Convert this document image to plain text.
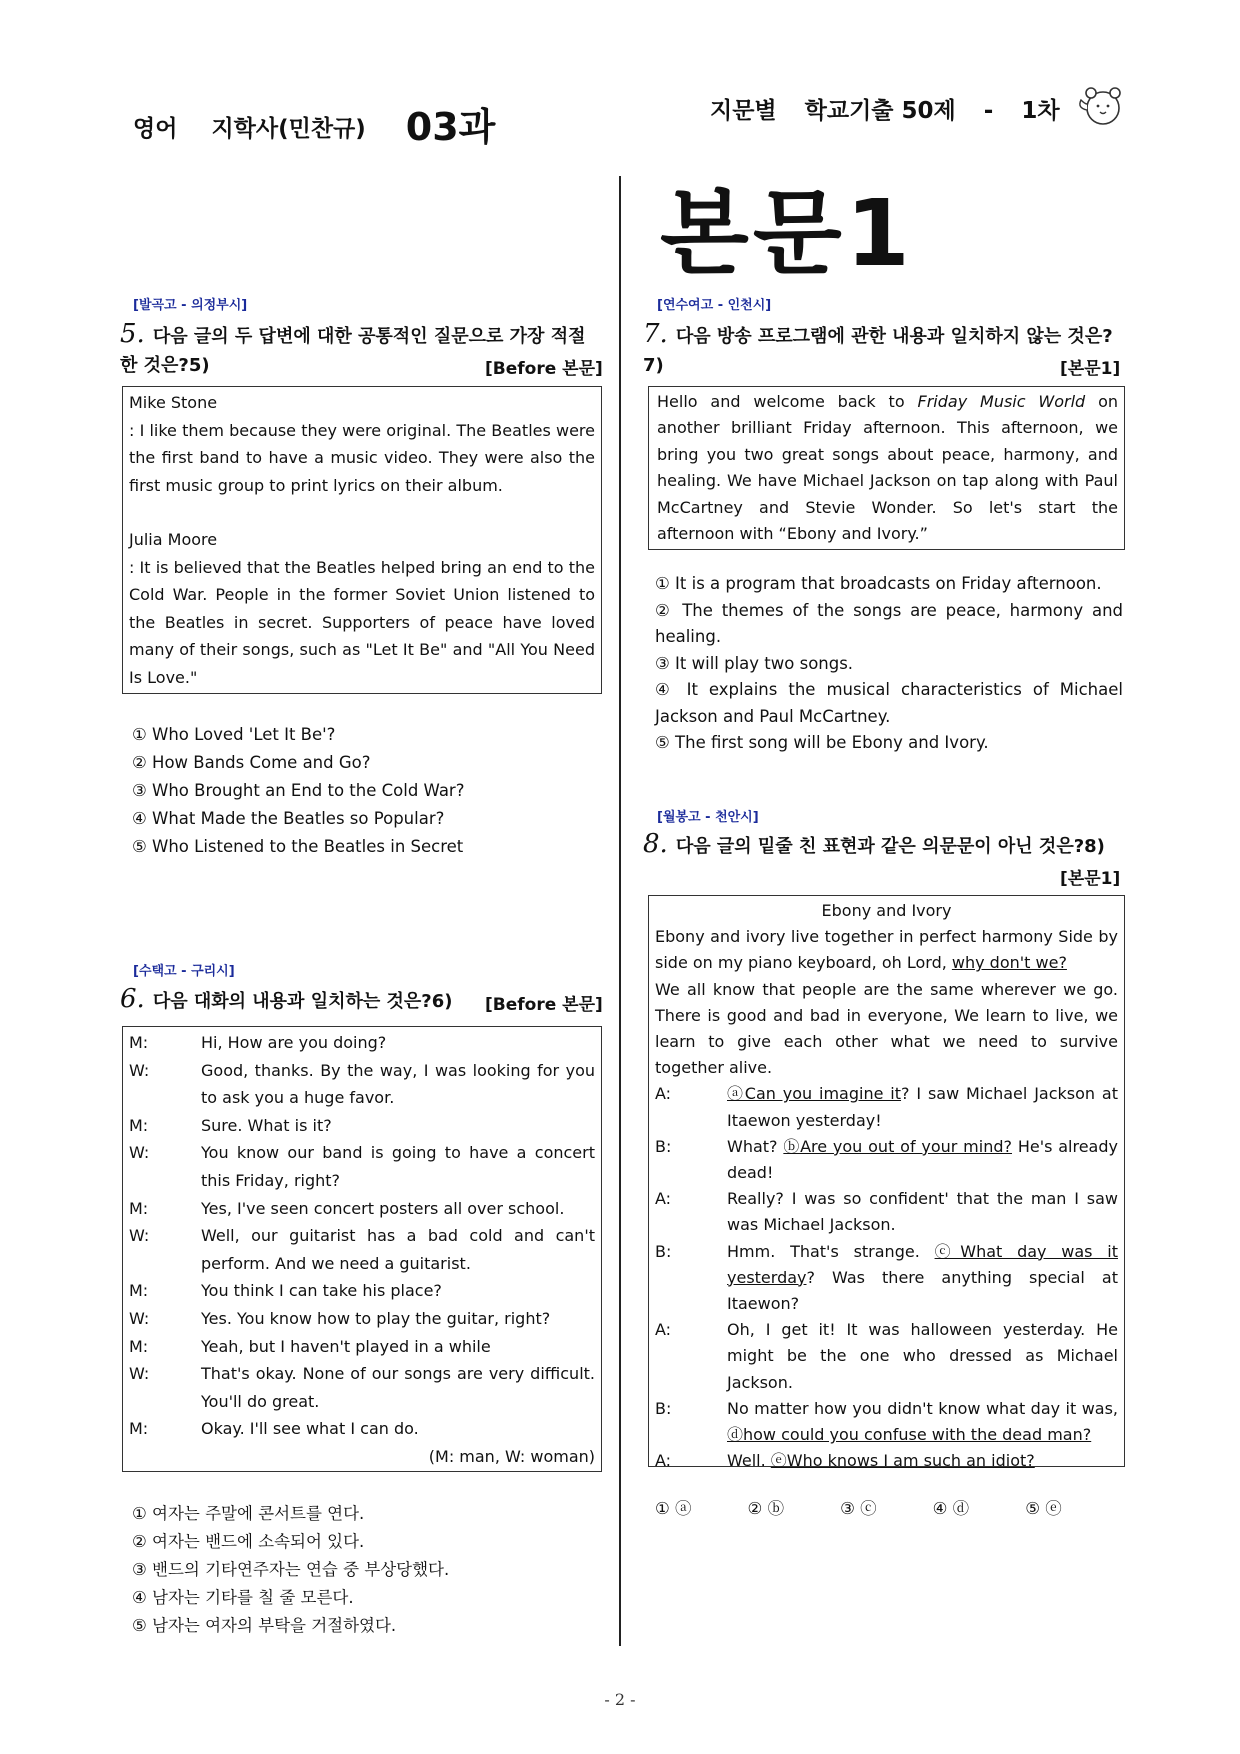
영어 지학사(민찬규) 03과	지문별 학교기출 50제 - 1차
본문1
[발곡고 - 의정부시]
5. 다음 글의 두 답변에 대한 공통적인 질문으로 가장 적절한 것은?5)	[Before 본문]

Mike Stone

: I like them because they were original. The Beatles were the first band to have a music video. They were also the first music group to print lyrics on their album.

Julia Moore

: It is believed that the Beatles helped bring an end to the Cold War. People in the former Soviet Union listened to the Beatles in secret. Supporters of peace have loved many of their songs, such as "Let It Be" and "All You Need Is Love."

① Who Loved 'Let It Be'?
② How Bands Come and Go?
③ Who Brought an End to the Cold War?
④ What Made the Beatles so Popular?
⑤ Who Listened to the Beatles in Secret
[수택고 - 구리시]
6. 다음 대화의 내용과 일치하는 것은?6)	[Before 본문]
M:	Hi, How are you doing?
W:	Good, thanks. By the way, I was looking for you to ask you a huge favor.
M:	Sure. What is it?
W:	You know our band is going to have a concert this Friday, right?
M:	Yes, I've seen concert posters all over school.
W:	Well, our guitarist has a bad cold and can't perform. And we need a guitarist.
M:	You think I can take his place?
W:	Yes. You know how to play the guitar, right?
M:	Yeah, but I haven't played in a while
W:	That's okay. None of our songs are very difficult. You'll do great.
M:	Okay. I'll see what I can do.
(M: man, W: woman)
① 여자는 주말에 콘서트를 연다.
② 여자는 밴드에 소속되어 있다.
③ 밴드의 기타연주자는 연습 중 부상당했다.
④ 남자는 기타를 칠 줄 모른다.
⑤ 남자는 여자의 부탁을 거절하였다.
[연수여고 - 인천시]
7. 다음 방송 프로그램에 관한 내용과 일치하지 않는 것은?7)	[본문1]

Hello and welcome back to Friday Music World on another brilliant Friday afternoon. This afternoon, we bring you two great songs about peace, harmony, and healing. We have Michael Jackson on tap along with Paul McCartney and Stevie Wonder. So let's start the afternoon with “Ebony and Ivory.”

① It is a program that broadcasts on Friday afternoon.
② The themes of the songs are peace, harmony and healing.
③ It will play two songs.
④ It explains the musical characteristics of Michael Jackson and Paul McCartney.
⑤ The first song will be Ebony and Ivory.
[월봉고 - 천안시]
8. 다음 글의 밑줄 친 표현과 같은 의문문이 아닌 것은?8)
[본문1]
Ebony and Ivory

Ebony and ivory live together in perfect harmony Side by side on my piano keyboard, oh Lord, why don't we?

We all know that people are the same wherever we go. There is good and bad in everyone, We learn to live, we learn to give each other what we need to survive together alive.

A:	ⓐCan you imagine it? I saw Michael Jackson at Itaewon yesterday!
B:	What? ⓑAre you out of your mind? He's already dead!
A:	Really? I was so confident' that the man I saw was Michael Jackson.
B:	Hmm. That's strange. ⓒWhat day was it yesterday? Was there anything special at Itaewon?
A:	Oh, I get it! It was halloween yesterday. He might be the one who dressed as Michael Jackson.
B:	No matter how you didn't know what day it was, ⓓhow could you confuse with the dead man?
A:	Well. ⓔWho knows I am such an idiot?
① ⓐ	② ⓑ	③ ⓒ	④ ⓓ	⑤ ⓔ
- 2 -
